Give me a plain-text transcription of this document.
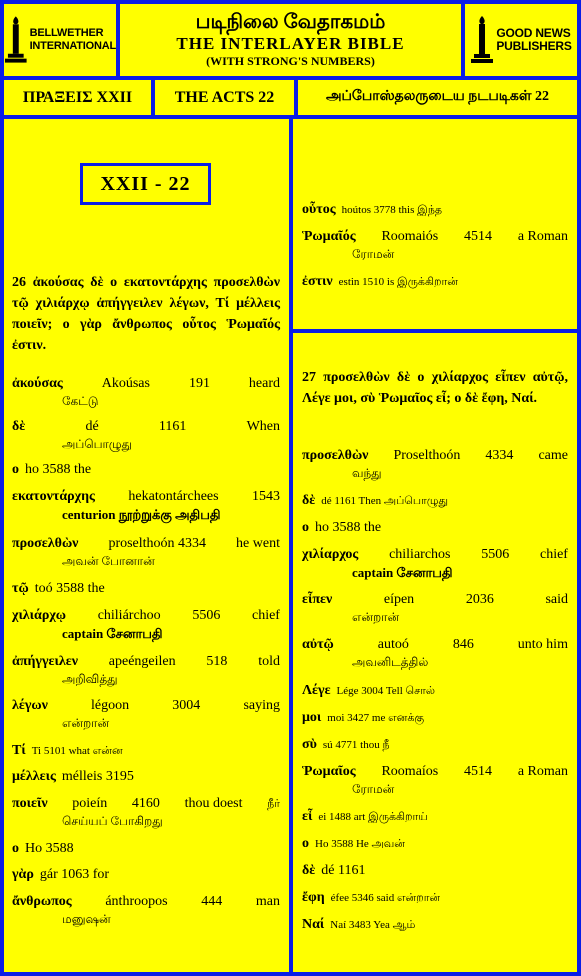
BELLWETHER
INTERNATIONAL
படிநிலை வேதாகமம்
THE INTERLAYER BIBLE
(WITH STRONG'S NUMBERS)
GOOD NEWS
PUBLISHERS
ΠΡΑΞΕΙΣ XXII	THE ACTS 22	அப்போஸ்தலருடைய நடபடிகள் 22
XXII - 22
26 ἀκούσας δὲ ο εκατοντάρχης προσελθὼν τῷ χιλιάρχῳ ἀπήγγειλεν λέγων, Τί μέλλεις ποιεῖν; ο γὰρ ἄνθρωπος οὗτος Ῥωμαῖός ἐστιν.
ἀκούσας	Akoúsas	191	heard
கேட்டு
δὲ	dé	1161	When
அப்பொழுது
ο ho 3588 the
εκατοντάρχης hekatontárchees 1543
centurion நூற்றுக்கு அதிபதி
προσελθὼν proselthoón 4334 he went
அவன் போனான்
τῷ toó 3588 the
χιλιάρχῳ chiliárchoo 5506 chief
captain சேனாபதி
ἀπήγγειλεν apeéngeilen 518 told
அறிவித்து
λέγων	légoon	3004	saying
என்றான்
Τί Ti 5101 what என்ன
μέλλεις mélleis 3195
ποιεῖν poieín 4160 thou doest நீர்
செய்யப் போகிறது
ο Ho 3588
γὰρ gár 1063 for
ἄνθρωπος ánthroopos 444 man
மனுஷன்
οὗτος hoútos 3778 this இந்த
Ῥωμαῖός Roomaiós 4514 a Roman
ரோமன்
ἐστιν estin 1510 is இருக்கிறான்
27 προσελθὼν δὲ ο χιλίαρχος εἶπεν αὐτῷ, Λέγε μοι, σὺ Ῥωμαῖος εἶ; ο δὲ ἔφη, Ναί.
προσελθὼν Proselthoón 4334 came
வந்து
δὲ dé 1161 Then அப்பொழுது
ο ho 3588 the
χιλίαρχος chiliarchos 5506 chief
captain சேனாபதி
εἶπεν	eípen	2036	said
என்றான்
αὐτῷ	autoó	846	unto him
அவனிடத்தில்
Λέγε Lége 3004 Tell சொல்
μοι moi 3427 me எனக்கு
σὺ sú 4771 thou நீ
Ῥωμαῖος Roomaíos 4514 a Roman
ரோமன்
εἶ ei 1488 art இருக்கிறாய்
ο Ho 3588 He அவன்
δὲ dé 1161
ἔφη éfee 5346 said என்றான்
Ναί Naí 3483 Yea ஆம்
